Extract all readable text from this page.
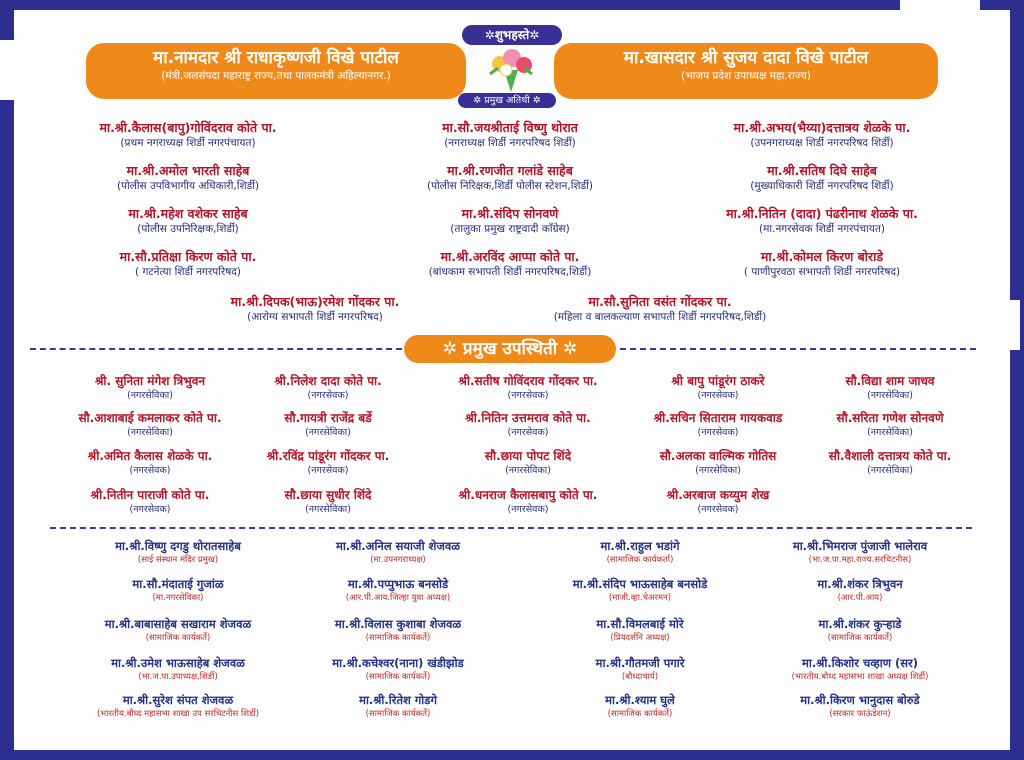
✲शुभहस्ते✲
मा.नामदार श्री राधाकृष्णजी विखे पाटील
(मंत्री,जलसंपदा महाराष्ट्र राज्य,तथा पालकमंत्री अहिल्यानगर.)
मा.खासदार श्री सुजय दादा विखे पाटील
(भाजप प्रदेश उपाध्यक्ष महा.राज्य)
✲ प्रमुख अतिथी ✲
मा.श्री.कैलास(बापु)गोविंदराव कोते पा.
(प्रथम नगराध्यक्ष शिर्डी नगरपंचायत)
मा.सौ.जयश्रीताई विष्णु थोरात
(नगराध्यक्ष शिर्डी नगरपरिषद शिर्डी)
मा.श्री.अभय(भैय्या)दत्तात्रय शेळके पा.
(उपनगराध्यक्ष शिर्डी नगरपरिषद शिर्डी)
मा.श्री.अमोल भारती साहेब
(पोलीस उपविभागीय अधिकारी,शिर्डी)
मा.श्री.रणजीत गलांडे साहेब
(पोलीस निरिक्षक,शिर्डी पोलीस स्टेशन,शिर्डी)
मा.श्री.सतिष दिघे साहेब
(मुख्याधिकारी शिर्डी नगरपरिषद शिर्डी)
मा.श्री.महेश वशेकर साहेब
(पोलीस उपनिरिक्षक,शिर्डी)
मा.श्री.संदिप सोनवणे
(तालुका प्रमुख राष्ट्रवादी काँग्रेस)
मा.श्री.नितिन (दादा) पंढरीनाथ शेळके पा.
(मा.नगरसेवक शिर्डी नगरपंचायत)
मा.सौ.प्रतिक्षा किरण कोते पा.
( गटनेत्या शिर्डी नगरपरिषद)
मा.श्री.अरविंद आप्पा कोते पा.
(बांधकाम सभापती शिर्डी नगरपरिषद,शिर्डी)
मा.श्री.कोमल किरण बोराडे
( पाणीपुरवठा सभापती शिर्डी नगरपरिषद)
मा.श्री.दिपक(भाऊ)रमेश गोंदकर पा.
(आरोग्य सभापती शिर्डी नगरपरिषद)
मा.सौ.सुनिता वसंत गोंदकर पा.
(महिला व बालकल्याण सभापती शिर्डी नगरपरिषद,शिर्डी)
✲ प्रमुख उपस्थिती ✲
श्री. सुनिता मंगेश त्रिभुवन
(नगरसेविका)
श्री.निलेश दादा कोते पा.
(नगरसेवक)
श्री.सतीष गोविंदराव गोंदकर पा.
(नगरसेवक)
श्री बापु पांडूरंग ठाकरे
(नगरसेवक)
सौ.विद्या शाम जाधव
(नगरसेविका)
सौ.आशाबाई कमलाकर कोते पा.
(नगरसेविका)
सौ.गायत्री राजेंद्र बर्डे
(नगरसेविका)
श्री.नितिन उत्तमराव कोते पा.
(नगरसेवक)
श्री.सचिन सिताराम गायकवाड
(नगरसेवक)
सौ.सरिता गणेश सोनवणे
(नगरसेविका)
श्री.अमित कैलास शेळके पा.
(नगरसेवक)
श्री.रविंद्र पांडूरंग गोंदकर पा.
(नगरसेवक)
सौ.छाया पोपट शिंदे
(नगरसेविका)
सौ.अलका वाल्मिक गोतिस
(नगरसेविका)
सौ.वैशाली दत्तात्रय कोते पा.
(नगरसेविका)
श्री.नितीन पाराजी कोते पा.
(नगरसेवक)
सौ.छाया सुधीर शिंदे
(नगरसेविका)
श्री.धनराज कैलासबापु कोते पा.
(नगरसेवक)
श्री.अरबाज कय्युम शेख
(नगरसेवक)
मा.श्री.विष्णु दगडु थोरातसाहेब
(साई संस्थान मंदिर प्रमुख)
मा.श्री.अनिल सयाजी शेजवळ
(मा.उपनगराध्यक्ष)
मा.श्री.राहुल भडांगे
(सामाजिक कार्यकर्ता)
मा.श्री.भिमराज पुंजाजी भालेराव
(भा.ज.पा.महा.राज्य.सरचिटनीस)
मा.सौ.मंदाताई गुजांळ
(मा.नगरसेविका)
मा.श्री.पप्पुभाऊ बनसोडे
(आर.पी.आय.जिल्हा युवा अध्यक्ष)
मा.श्री.संदिप भाऊसाहेब बनसोडे
(माजी.व्हा.चेअरमन)
मा.श्री.शंकर त्रिभुवन
(आर.पी.आय)
मा.श्री.बाबासाहेब सखाराम शेजवळ
(सामाजिक कार्यकर्ते)
मा.श्री.विलास कुशाबा शेजवळ
(सामाजिक कार्यकर्ते)
मा.सौ.विमलबाई मोरे
(प्रियदर्शनि अध्यक्ष)
मा.श्री.शंकर कुऱ्हाडे
(सामाजिक कार्यकर्ते)
मा.श्री.उमेश भाऊसाहेब शेजवळ
(भा.ज.पा.उपाध्यक्ष,शिर्डी)
मा.श्री.कचेश्वर(नाना) खंडीझोड
(सामाजिक कार्यकर्ते)
मा.श्री.गौतमजी पगारे
(बौध्दाचार्य)
मा.श्री.किशोर चव्हाण (सर)
(भारतीय.बौध्द महासभा शाखा अध्यक्ष शिर्डी)
मा.श्री.सुरेश संपत शेजवळ
(भारतीय.बौध्द महासभा शाखा उप सरचिटनीस शिर्डी)
मा.श्री.रितेश गोडगे
(सामाजिक कार्यकर्ते)
मा.श्री.श्याम घुले
(सामाजिक कार्यकर्ते)
मा.श्री.किरण भानुदास बोरुडे
(सरकार फाऊंडेशन)
